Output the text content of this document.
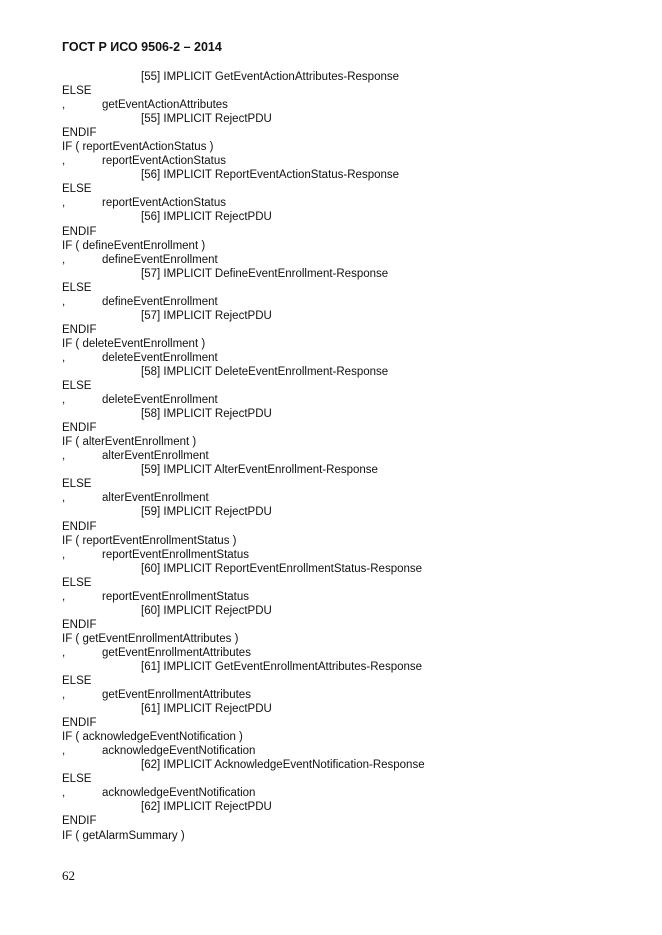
ГОСТ Р ИСО 9506-2 – 2014
[55] IMPLICIT GetEventActionAttributes-Response
ELSE
,	getEventActionAttributes
[55] IMPLICIT RejectPDU
ENDIF
IF ( reportEventActionStatus )
,	reportEventActionStatus
[56] IMPLICIT ReportEventActionStatus-Response
ELSE
,	reportEventActionStatus
[56] IMPLICIT RejectPDU
ENDIF
IF ( defineEventEnrollment )
,	defineEventEnrollment
[57] IMPLICIT DefineEventEnrollment-Response
ELSE
,	defineEventEnrollment
[57] IMPLICIT RejectPDU
ENDIF
IF ( deleteEventEnrollment )
,	deleteEventEnrollment
[58] IMPLICIT DeleteEventEnrollment-Response
ELSE
,	deleteEventEnrollment
[58] IMPLICIT RejectPDU
ENDIF
IF ( alterEventEnrollment )
,	alterEventEnrollment
[59] IMPLICIT AlterEventEnrollment-Response
ELSE
,	alterEventEnrollment
[59] IMPLICIT RejectPDU
ENDIF
IF ( reportEventEnrollmentStatus )
,	reportEventEnrollmentStatus
[60] IMPLICIT ReportEventEnrollmentStatus-Response
ELSE
,	reportEventEnrollmentStatus
[60] IMPLICIT RejectPDU
ENDIF
IF ( getEventEnrollmentAttributes )
,	getEventEnrollmentAttributes
[61] IMPLICIT GetEventEnrollmentAttributes-Response
ELSE
,	getEventEnrollmentAttributes
[61] IMPLICIT RejectPDU
ENDIF
IF ( acknowledgeEventNotification )
,	acknowledgeEventNotification
[62] IMPLICIT AcknowledgeEventNotification-Response
ELSE
,	acknowledgeEventNotification
[62] IMPLICIT RejectPDU
ENDIF
IF ( getAlarmSummary )
62
